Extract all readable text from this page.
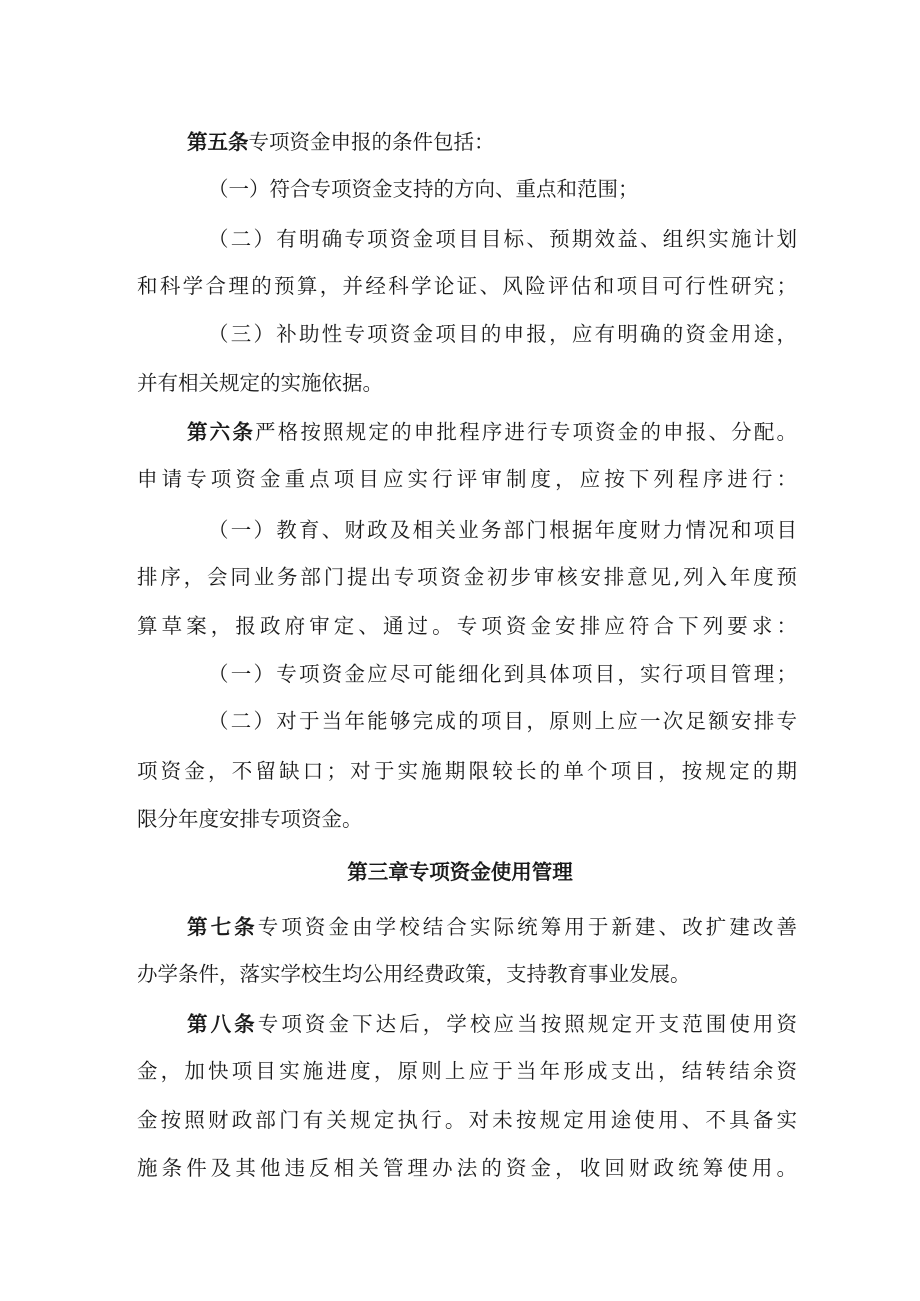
第五条专项资金申报的条件包括：
（一）符合专项资金支持的方向、重点和范围；
（二）有明确专项资金项目目标、预期效益、组织实施计划
和科学合理的预算，并经科学论证、风险评估和项目可行性研究；
（三）补助性专项资金项目的申报，应有明确的资金用途，
并有相关规定的实施依据。
第六条严格按照规定的申批程序进行专项资金的申报、分配。
申请专项资金重点项目应实行评审制度，应按下列程序进行：
（一）教育、财政及相关业务部门根据年度财力情况和项目
排序，会同业务部门提出专项资金初步审核安排意见,列入年度预
算草案，报政府审定、通过。专项资金安排应符合下列要求：
（一）专项资金应尽可能细化到具体项目，实行项目管理；
（二）对于当年能够完成的项目，原则上应一次足额安排专
项资金，不留缺口；对于实施期限较长的单个项目，按规定的期
限分年度安排专项资金。
第三章专项资金使用管理
第七条专项资金由学校结合实际统筹用于新建、改扩建改善
办学条件，落实学校生均公用经费政策，支持教育事业发展。
第八条专项资金下达后，学校应当按照规定开支范围使用资
金，加快项目实施进度，原则上应于当年形成支出，结转结余资
金按照财政部门有关规定执行。对未按规定用途使用、不具备实
施条件及其他违反相关管理办法的资金，收回财政统筹使用。
